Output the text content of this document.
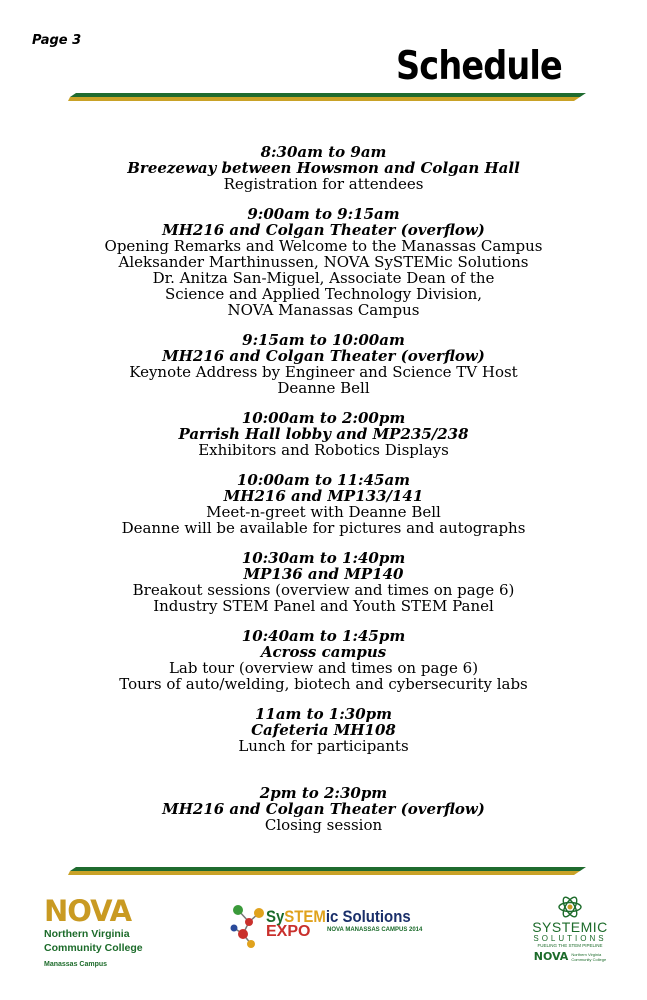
Page 3
Schedule
8:30am to 9am
Breezeway between Howsmon and Colgan Hall
Registration for attendees
9:00am to 9:15am
MH216 and Colgan Theater (overflow)
Opening Remarks and Welcome to the Manassas Campus
Aleksander Marthinussen, NOVA SySTEMic Solutions
Dr. Anitza San-Miguel, Associate Dean of the
Science and Applied Technology Division,
NOVA Manassas Campus
9:15am to 10:00am
MH216 and Colgan Theater (overflow)
Keynote Address by Engineer and Science TV Host
Deanne Bell
10:00am to 2:00pm
Parrish Hall lobby and MP235/238
Exhibitors and Robotics Displays
10:00am to 11:45am
MH216 and MP133/141
Meet-n-greet with Deanne Bell
Deanne will be available for pictures and autographs
10:30am to 1:40pm
MP136 and MP140
Breakout sessions (overview and times on page 6)
Industry STEM Panel and Youth STEM Panel
10:40am to 1:45pm
Across campus
Lab tour (overview and times on page 6)
Tours of auto/welding, biotech and cybersecurity labs
11am to 1:30pm
Cafeteria MH108
Lunch for participants
2pm to 2:30pm
MH216 and Colgan Theater (overflow)
Closing session
NOVA
Northern Virginia
Community College
Manassas Campus
SySTEMic Solutions
EXPO	NOVA MANASSAS CAMPUS 2014	SYSTEMIC
SOLUTIONS
FUELING THE STEM PIPELINE
NOVA Northern Virginia
Community College
